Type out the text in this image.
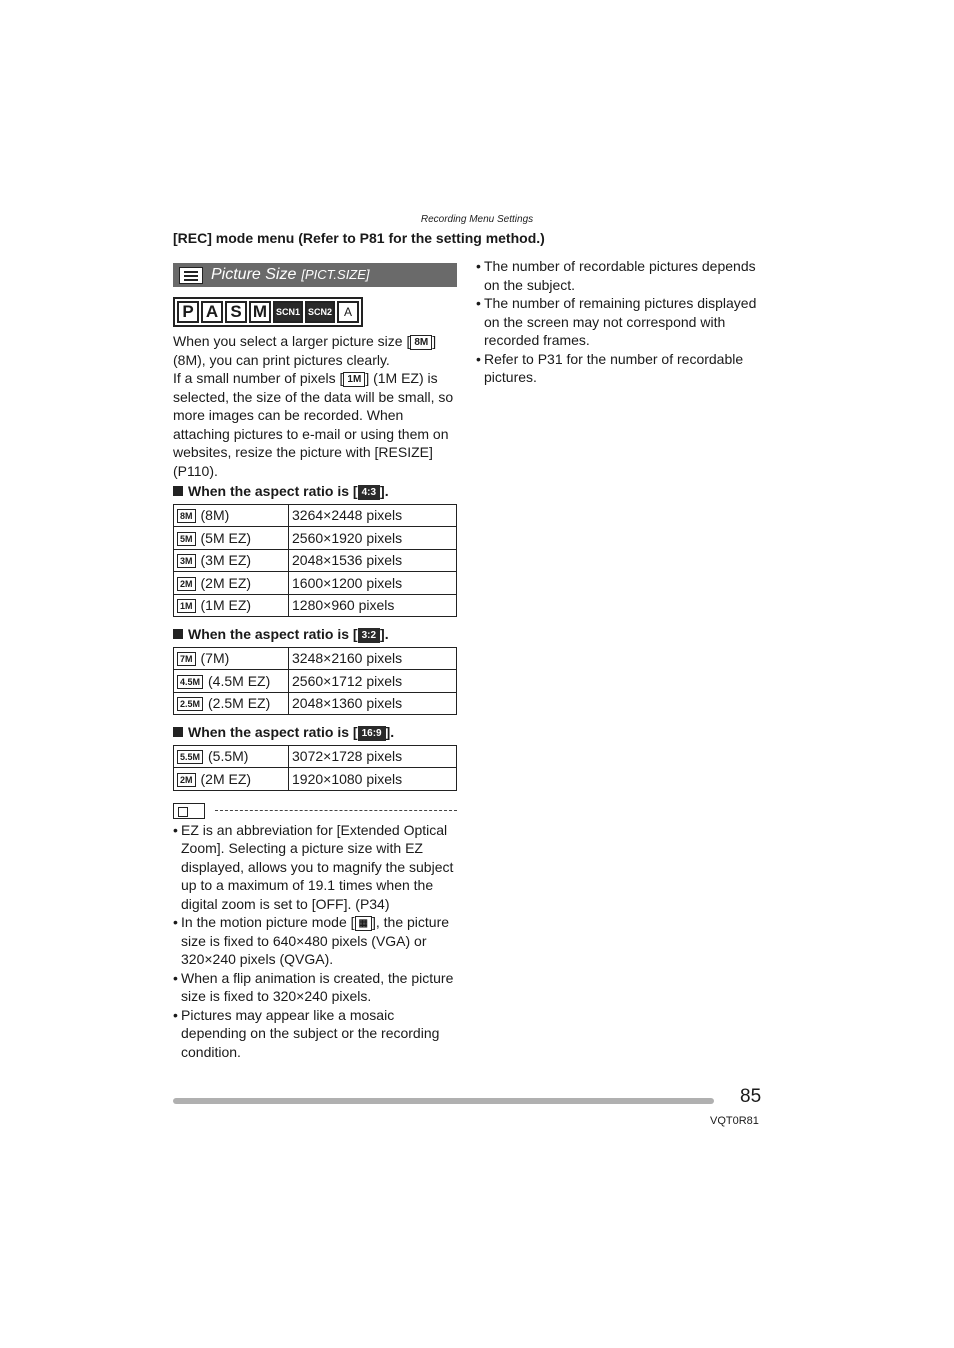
Recording Menu Settings
[REC] mode menu (Refer to P81 for the setting method.)
Picture Size [PICT.SIZE]
P A S M SCN1 SCN2 A
When you select a larger picture size [ 8M ] (8M), you can print pictures clearly.
If a small number of pixels [ 1M ] (1M EZ) is selected, the size of the data will be small, so more images can be recorded. When attaching pictures to e-mail or using them on websites, resize the picture with [RESIZE] (P110).
When the aspect ratio is [ 4:3 ].
8M (8M)	3264×2448 pixels
5M (5M EZ)	2560×1920 pixels
3M (3M EZ)	2048×1536 pixels
2M (2M EZ)	1600×1200 pixels
1M (1M EZ)	1280×960 pixels
When the aspect ratio is [ 3:2 ].
7M (7M)	3248×2160 pixels
4.5M (4.5M EZ)	2560×1712 pixels
2.5M (2.5M EZ)	2048×1360 pixels
When the aspect ratio is [ 16:9 ].
5.5M (5.5M)	3072×1728 pixels
2M (2M EZ)	1920×1080 pixels
• EZ is an abbreviation for [Extended Optical Zoom]. Selecting a picture size with EZ displayed, allows you to magnify the subject up to a maximum of 19.1 times when the digital zoom is set to [OFF]. (P34)
• In the motion picture mode [ ▦ ], the picture size is fixed to 640×480 pixels (VGA) or 320×240 pixels (QVGA).
• When a flip animation is created, the picture size is fixed to 320×240 pixels.
• Pictures may appear like a mosaic depending on the subject or the recording condition.
• The number of recordable pictures depends on the subject.
• The number of remaining pictures displayed on the screen may not correspond with recorded frames.
• Refer to P31 for the number of recordable pictures.
85
VQT0R81
